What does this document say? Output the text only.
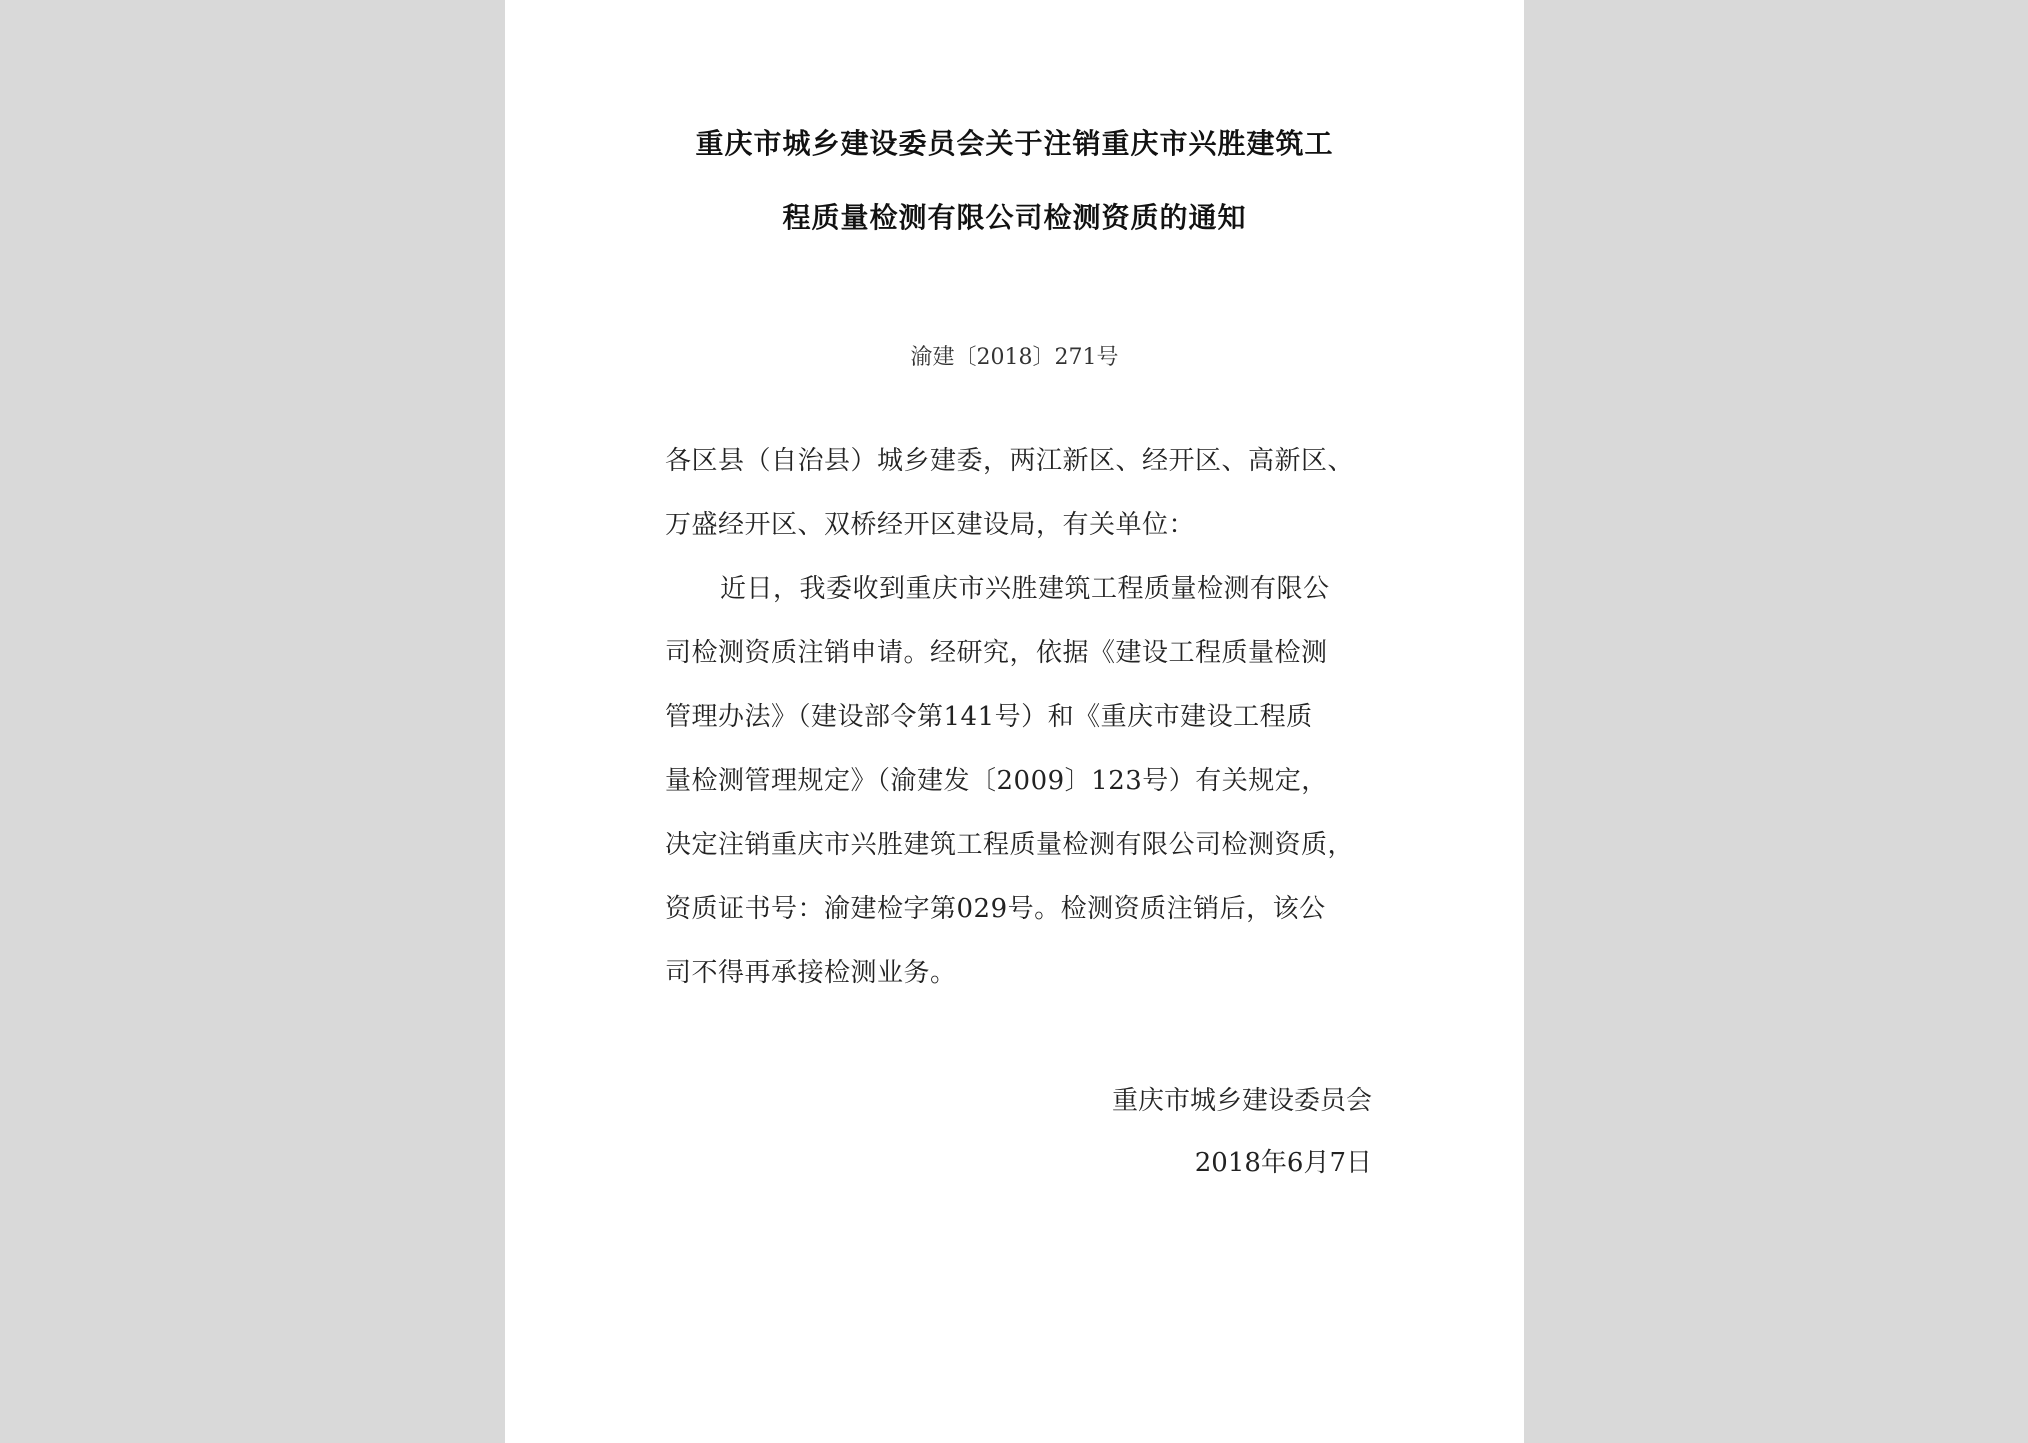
重庆市城乡建设委员会关于注销重庆市兴胜建筑工
程质量检测有限公司检测资质的通知
渝建〔2018〕271号
各区县（自治县）城乡建委，两江新区、经开区、高新区、
万盛经开区、双桥经开区建设局，有关单位：
近日，我委收到重庆市兴胜建筑工程质量检测有限公
司检测资质注销申请。经研究，依据《建设工程质量检测
管理办法》（建设部令第141号）和《重庆市建设工程质
量检测管理规定》（渝建发〔2009〕123号）有关规定，
决定注销重庆市兴胜建筑工程质量检测有限公司检测资质，
资质证书号：渝建检字第029号。检测资质注销后，该公
司不得再承接检测业务。
重庆市城乡建设委员会
2018年6月7日
